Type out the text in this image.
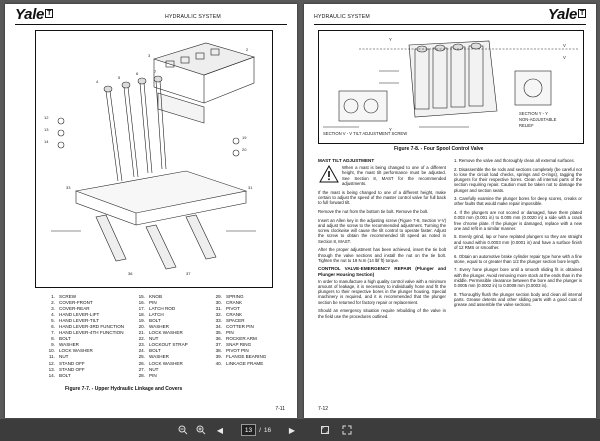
Yale T	HYDRAULIC SYSTEM
12
13
14
4
5
6	7
3
2
19
20
33	31
36	37
1. SCREW
2. COVER-FRONT
3. COVER-REAR
4. HAND LEVER-LIFT
5. HAND LEVER-TILT
6. HAND LEVER-3RD FUNCTION
7. HAND LEVER-4TH FUNCTION
8. BOLT
9. WASHER
10. LOCK WASHER
11. NUT
12. STAND OFF
13. STAND OFF
14. BOLT
15. KNOB
16. PIN
17. LATCH ROD
18. LATCH
19. BOLT
20. WASHER
21. LOCK WASHER
22. NUT
23. LOCKOUT STRAP
24. BOLT
25. WASHER
26. LOCK WASHER
27. NUT
28. PIN
29. SPRING
30. CRANK
31. PIVOT
32. CRANK
33. SPACER
34. COTTER PIN
35. PIN
36. ROCKER ARM
37. SNAP RING
38. PIVOT PIN
39. FLANGE BEARING
40. LINKAGE FRAME
Figure 7-7. - Upper Hydraulic Linkage and Covers
7-11
HYDRAULIC SYSTEM	Yale T
V
V
Y
Y
SECTION Y - Y
NON-ADJUSTABLE
RELIEF
SECTION V - V TILT ADJUSTMENT SCREW
Figure 7-8. - Four Spool Control Valve
MAST TILT ADJUSTMENT
When a mast is being changed to one of a different height, the mast tilt performance must be adjusted. See Section 8, MAST for the recommended adjustments.

If the mast is being changed to one of a different height, make certain to adjust the speed of the master control valve for full back to full forward tilt.

Remove the nut from the bottom tie bolt. Remove the bolt.

Insert an Allen key in the adjusting screw (Figure 7-8, Section V-V) and adjust the screw to the recommended adjustment. Turning the screw clockwise will cause the tilt control to operate faster. Adjust the screw to obtain the recommended tilt speed as noted in Section 8, MAST.

After the proper adjustment has been achieved, insert the tie bolt through the valve sections and install the nut on the tie bolt. Tighten the nut to 19 N.m (14 lbf ft) torque.

CONTROL VALVE-EMERGENCY REPAIR (Plunger and Plunger Housing Section)

In order to manufacture a high quality control valve with a minimum amount of leakage, it is necessary to individually hone and fit the plungers to their respective bores in the plunger housing. Special machinery is required, and it is recommended that the plunger section be returned for factory repair or replacement.

Should an emergency situation require rebuilding of the valve in the field use the procedures outlined.

1. Remove the valve and thoroughly clean all external surfaces.

2. Disassemble the tie rods and sections completely (be careful not to lose the circuit load checks, springs and O-rings), tagging the plungers for their respective bores. Clean all internal parts of the section requiring repair. Caution must be taken not to damage the plunger and section seats.

3. Carefully examine the plunger bores for deep scores, creaks or other faults that would make repair impossible.

4. If the plungers are not scored or damaged, have them plated 0.003 mm (0.001 in) to 0.005 mm (0.0020 in) a side with a crack free chrome plate. If the plunger is damaged, replace with a new one and refit in a similar manner.

5. Evenly grind, lap or hone replated plungers so they are straight and round within 0.0003 mm (0.0001 in) and have a surface finish of 12 RMS or smoother.

6. Obtain an automotive brake cylinder repair type hone with a fine stone, equal to or greater than 1/2 the plunger section bore length.

7. Every hone plunger bore until a smooth sliding fit is obtained with the plunger. Avoid removing more stock at the ends than in the middle. Permissible clearance between the bore and the plunger is 0.0005 mm (0.0002 in) to 0.0008 mm (0.0003 in).

8. Thoroughly flush the plunger section body and clean all internal parts. Grease detents and other sliding parts with a good coat of grease and assemble the valve sections.

7-12
◀	13	/ 16 ▶
